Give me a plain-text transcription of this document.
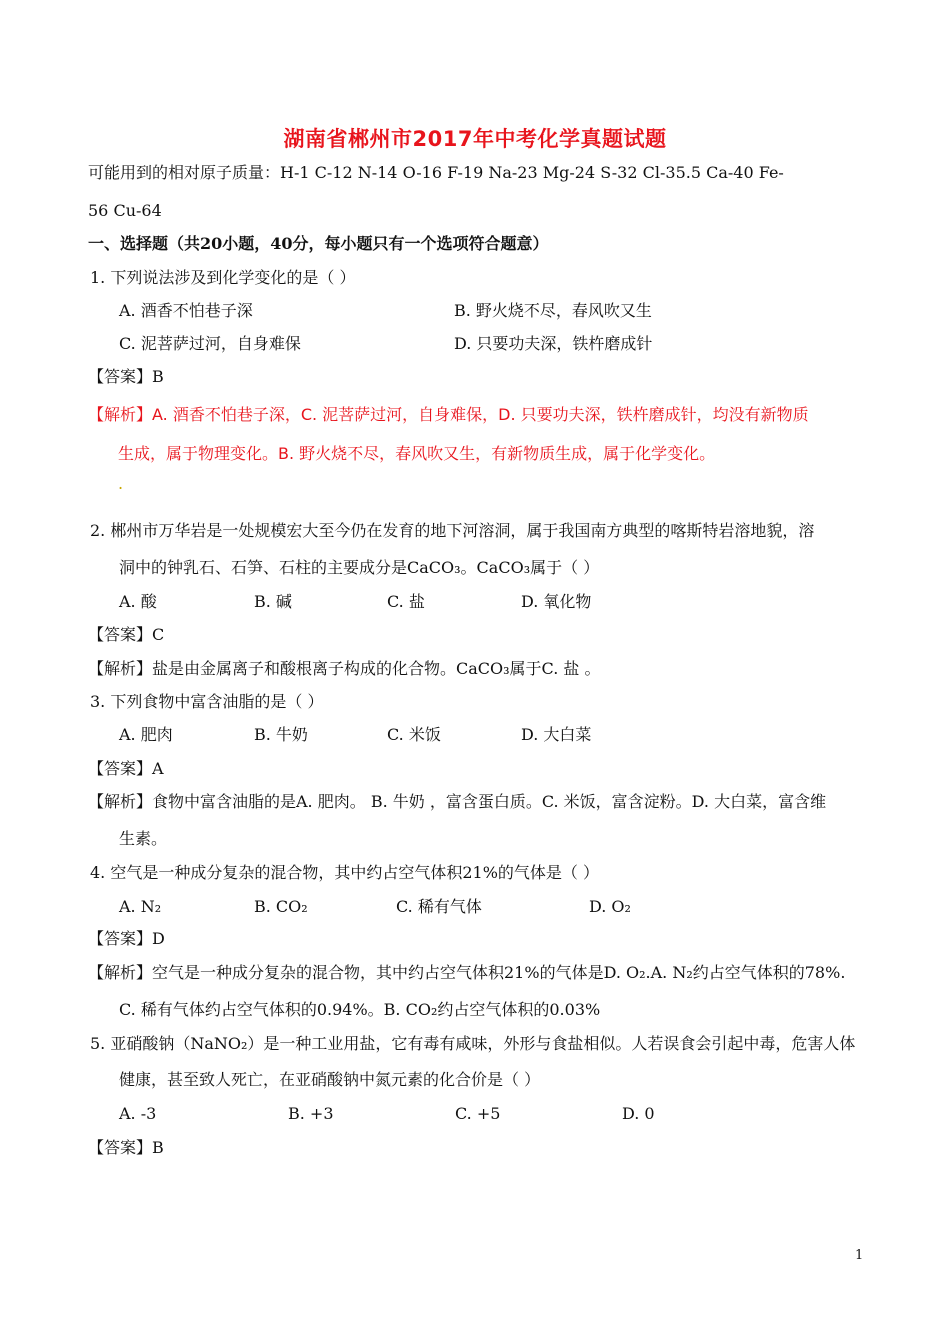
湖南省郴州市2017年中考化学真题试题
可能用到的相对原子质量：H-1 C-12 N-14 O-16 F-19 Na-23 Mg-24 S-32 Cl-35.5 Ca-40 Fe-
56 Cu-64
一、选择题（共20小题，40分，每小题只有一个选项符合题意）
1. 下列说法涉及到化学变化的是（ ）
A. 酒香不怕巷子深	B. 野火烧不尽，春风吹又生
C. 泥菩萨过河，自身难保	D. 只要功夫深，铁杵磨成针
【答案】B
【解析】A. 酒香不怕巷子深，C. 泥菩萨过河，自身难保，D. 只要功夫深，铁杵磨成针，均没有新物质
生成，属于物理变化。B. 野火烧不尽，春风吹又生，有新物质生成，属于化学变化。
.
2. 郴州市万华岩是一处规模宏大至今仍在发育的地下河溶洞，属于我国南方典型的喀斯特岩溶地貌，溶
洞中的钟乳石、石笋、石柱的主要成分是CaCO₃。CaCO₃属于（ ）
A. 酸	B. 碱	C. 盐	D. 氧化物
【答案】C
【解析】盐是由金属离子和酸根离子构成的化合物。CaCO₃属于C. 盐 。
3. 下列食物中富含油脂的是（ ）
A. 肥肉	B. 牛奶	C. 米饭	D. 大白菜
【答案】A
【解析】食物中富含油脂的是A. 肥肉。 B. 牛奶 ，富含蛋白质。C. 米饭，富含淀粉。D. 大白菜，富含维
生素。
4. 空气是一种成分复杂的混合物，其中约占空气体积21%的气体是（ ）
A. N₂	B. CO₂	C. 稀有气体	D. O₂
【答案】D
【解析】空气是一种成分复杂的混合物，其中约占空气体积21%的气体是D. O₂.A. N₂约占空气体积的78%.
C. 稀有气体约占空气体积的0.94%。B. CO₂约占空气体积的0.03%
5. 亚硝酸钠（NaNO₂）是一种工业用盐，它有毒有咸味，外形与食盐相似。人若误食会引起中毒，危害人体
健康，甚至致人死亡，在亚硝酸钠中氮元素的化合价是（ ）
A. -3	B. +3	C. +5	D. 0
【答案】B
1
